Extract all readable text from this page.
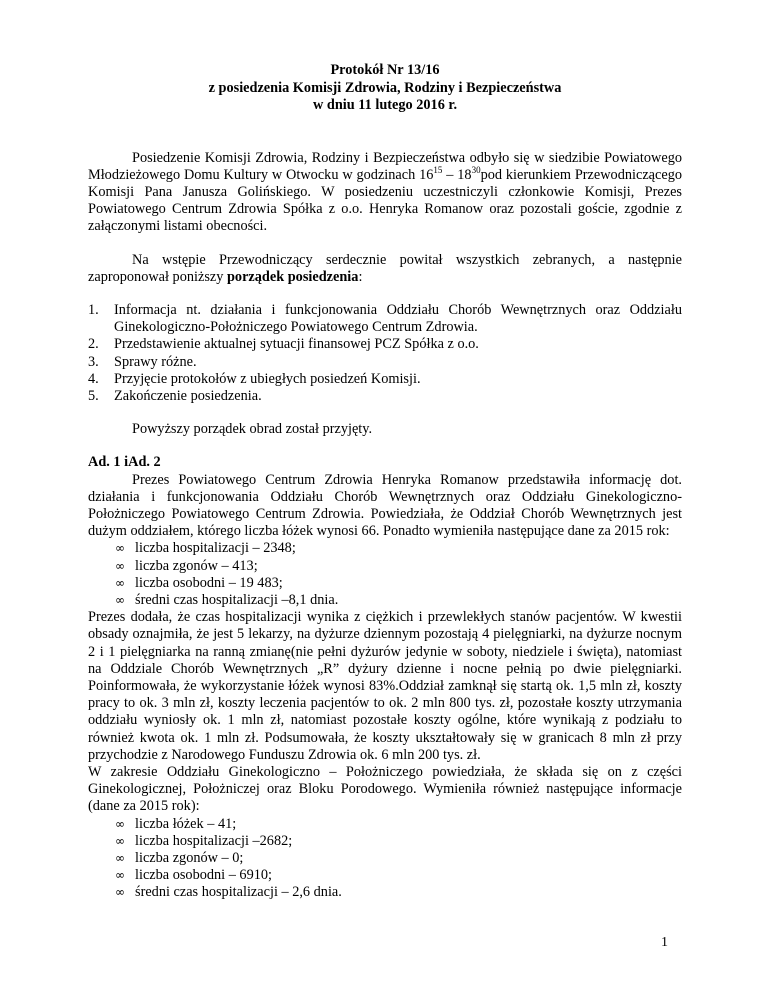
Protokół Nr 13/16
z posiedzenia Komisji Zdrowia, Rodziny i Bezpieczeństwa
w dniu 11 lutego 2016 r.

Posiedzenie Komisji Zdrowia, Rodziny i Bezpieczeństwa odbyło się w siedzibie Powiatowego Młodzieżowego Domu Kultury w Otwocku w godzinach $16^{15} - 18^{30}pod$ kierunkiem Przewodniczącego Komisji Pana Janusza Golińskiego. W posiedzeniu uczestniczyli członkowie Komisji, Prezes Powiatowego Centrum Zdrowia Spółka z o.o. Henryka Romanow oraz pozostali goście, zgodnie z załączonymi listami obecności.

Na wstępie Przewodniczący serdecznie powitał wszystkich zebranych, a następnie zaproponował poniższy porządek posiedzenia:

1. Informacja nt. działania i funkcjonowania Oddziału Chorób Wewnętrznych oraz Oddziału Ginekologiczno-Położniczego Powiatowego Centrum Zdrowia.
2. Przedstawienie aktualnej sytuacji finansowej PCZ Spółka z o.o.
3. Sprawy różne.
4. Przyjęcie protokołów z ubiegłych posiedzeń Komisji.
5. Zakończenie posiedzenia.

Powyższy porządek obrad został przyjęty.

Ad. 1 iAd. 2

Prezes Powiatowego Centrum Zdrowia Henryka Romanow przedstawiła informację dot. działania i funkcjonowania Oddziału Chorób Wewnętrznych oraz Oddziału Ginekologiczno-Położniczego Powiatowego Centrum Zdrowia. Powiedziała, że Oddział Chorób Wewnętrznych jest dużym oddziałem, którego liczba łóżek wynosi 66. Ponadto wymieniła następujące dane za 2015 rok:

∞ liczba hospitalizacji – 2348;
∞ liczba zgonów – 413;
∞ liczba osobodni – 19 483;
∞ średni czas hospitalizacji –8,1 dnia.

Prezes dodała, że czas hospitalizacji wynika z ciężkich i przewlekłych stanów pacjentów. W kwestii obsady oznajmiła, że jest 5 lekarzy, na dyżurze dziennym pozostają 4 pielęgniarki, na dyżurze nocnym 2 i 1 pielęgniarka na ranną zmianę(nie pełni dyżurów jedynie w soboty, niedziele i święta), natomiast na Oddziale Chorób Wewnętrznych „R” dyżury dzienne i nocne pełnią po dwie pielęgniarki. Poinformowała, że wykorzystanie łóżek wynosi 83%.Oddział zamknął się startą ok. 1,5 mln zł, koszty pracy to ok. 3 mln zł, koszty leczenia pacjentów to ok. 2 mln 800 tys. zł, pozostałe koszty utrzymania oddziału wyniosły ok. 1 mln zł, natomiast pozostałe koszty ogólne, które wynikają z podziału to również kwota ok. 1 mln zł. Podsumowała, że koszty ukształtowały się w granicach 8 mln zł przy przychodzie z Narodowego Funduszu Zdrowia ok. 6 mln 200 tys. zł.

W zakresie Oddziału Ginekologiczno – Położniczego powiedziała, że składa się on z części Ginekologicznej, Położniczej oraz Bloku Porodowego. Wymieniła również następujące informacje (dane za 2015 rok):

∞ liczba łóżek – 41;
∞ liczba hospitalizacji –2682;
∞ liczba zgonów – 0;
∞ liczba osobodni – 6910;
∞ średni czas hospitalizacji – 2,6 dnia.
1
